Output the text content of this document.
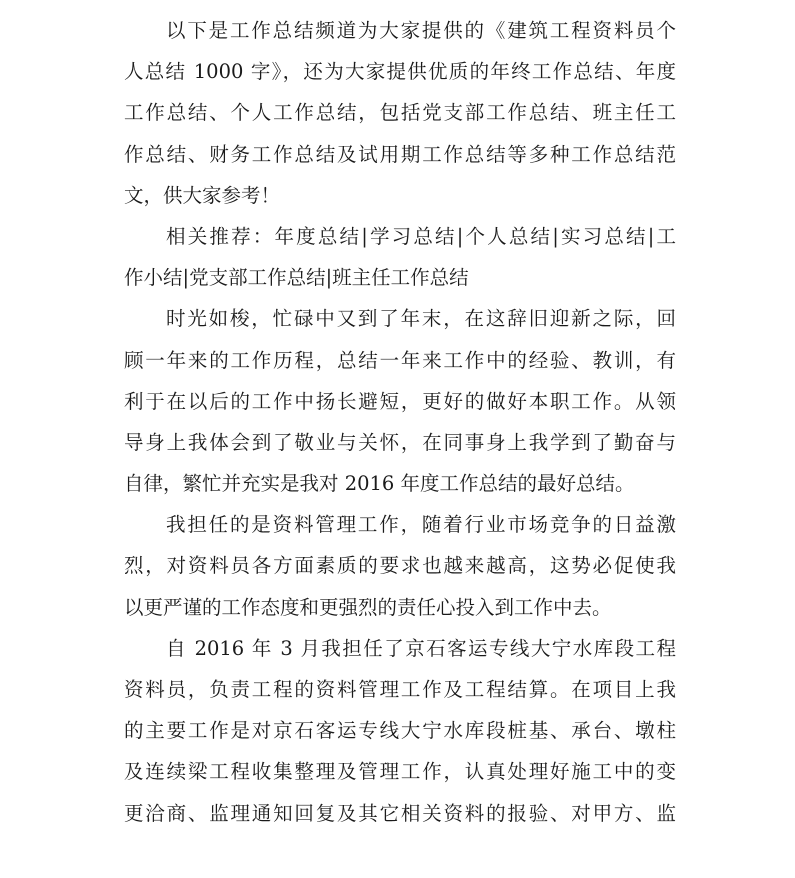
以下是工作总结频道为大家提供的《建筑工程资料员个
人总结 1000 字》，还为大家提供优质的年终工作总结、年度
工作总结、个人工作总结，包括党支部工作总结、班主任工
作总结、财务工作总结及试用期工作总结等多种工作总结范
文，供大家参考！
相关推荐：年度总结|学习总结|个人总结|实习总结|工
作小结|党支部工作总结|班主任工作总结
时光如梭，忙碌中又到了年末，在这辞旧迎新之际，回
顾一年来的工作历程，总结一年来工作中的经验、教训，有
利于在以后的工作中扬长避短，更好的做好本职工作。从领
导身上我体会到了敬业与关怀，在同事身上我学到了勤奋与
自律，繁忙并充实是我对 2016 年度工作总结的最好总结。
我担任的是资料管理工作，随着行业市场竞争的日益激
烈，对资料员各方面素质的要求也越来越高，这势必促使我
以更严谨的工作态度和更强烈的责任心投入到工作中去。
自 2016 年 3 月我担任了京石客运专线大宁水库段工程
资料员，负责工程的资料管理工作及工程结算。在项目上我
的主要工作是对京石客运专线大宁水库段桩基、承台、墩柱
及连续梁工程收集整理及管理工作，认真处理好施工中的变
更洽商、监理通知回复及其它相关资料的报验、对甲方、监
